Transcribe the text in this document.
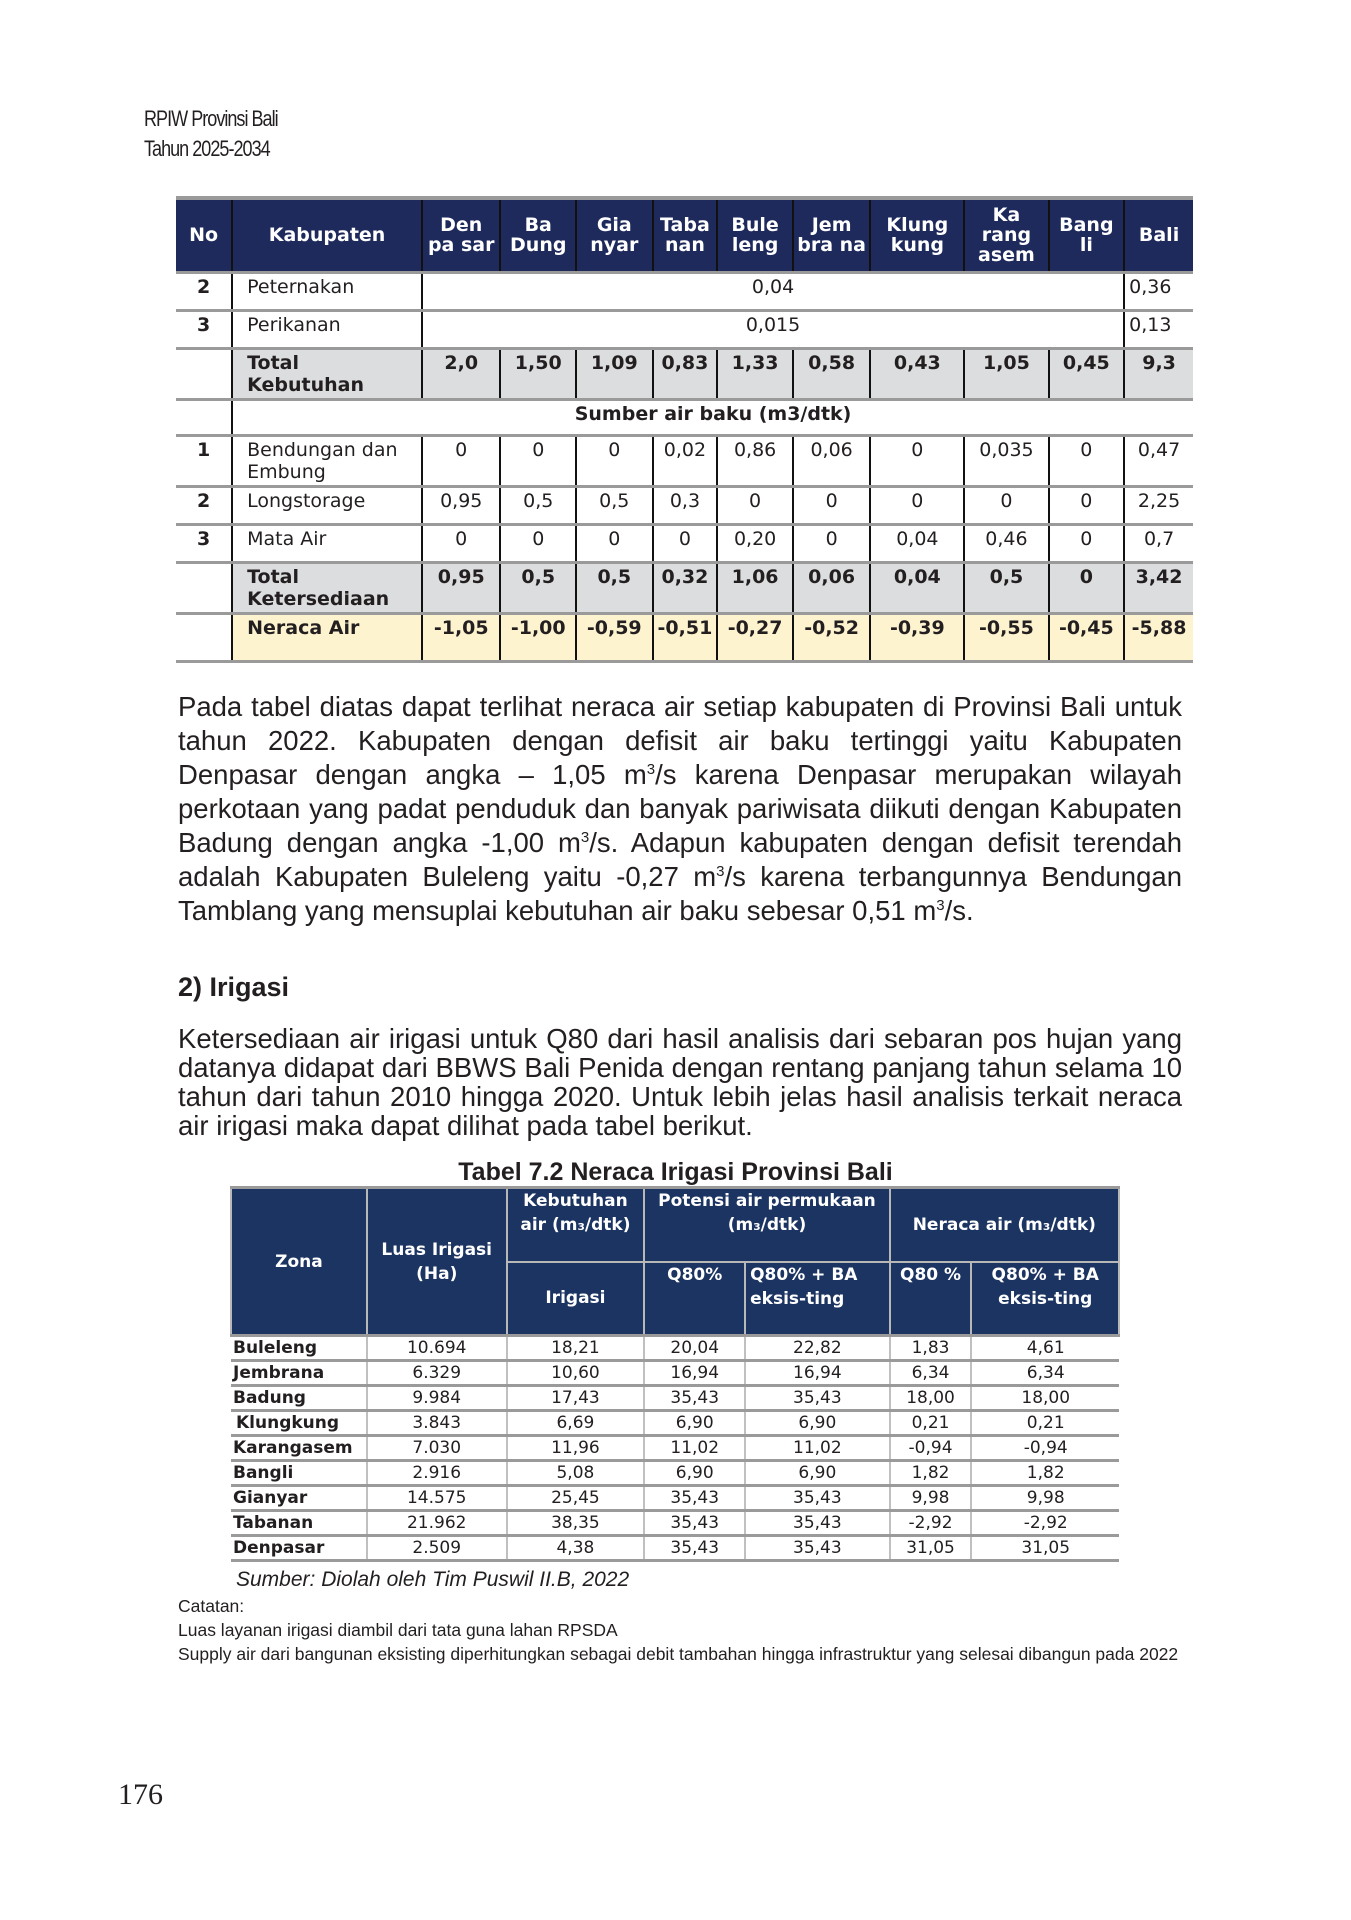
RPIW Provinsi Bali
Tahun 2025-2034
No	Kabupaten	Den pa sar	Ba Dung	Gia nyar	Taba nan	Bule leng	Jem bra na	Klung kung	Ka rang asem	Bang li	Bali
2	Peternakan	0,04									0,36
3	Perikanan	0,015									0,13
	Total Kebutuhan	2,0	1,50	1,09	0,83	1,33	0,58	0,43	1,05	0,45	9,3
	Sumber air baku (m3/dtk)										
1	Bendungan dan Embung	0	0	0	0,02	0,86	0,06	0	0,035	0	0,47
2	Longstorage	0,95	0,5	0,5	0,3	0	0	0	0	0	2,25
3	Mata Air	0	0	0	0	0,20	0	0,04	0,46	0	0,7
	Total Ketersediaan	0,95	0,5	0,5	0,32	1,06	0,06	0,04	0,5	0	3,42
	Neraca Air	-1,05	-1,00	-0,59	-0,51	-0,27	-0,52	-0,39	-0,55	-0,45	-5,88
Pada tabel diatas dapat terlihat neraca air setiap kabupaten di Provinsi Bali untuk tahun 2022. Kabupaten dengan defisit air baku tertinggi yaitu Kabupaten Denpasar dengan angka – 1,05 $m^3/s$ karena Denpasar merupakan wilayah perkotaan yang padat penduduk dan banyak pariwisata diikuti dengan Kabupaten Badung dengan angka -1,00 $m^3/s$. Adapun kabupaten dengan defisit terendah adalah Kabupaten Buleleng yaitu -0,27 $m^3/s$ karena terbangunnya Bendungan Tamblang yang mensuplai kebutuhan air baku sebesar 0,51 $m^3/s$.
2) Irigasi
Ketersediaan air irigasi untuk Q80 dari hasil analisis dari sebaran pos hujan yang datanya didapat dari BBWS Bali Penida dengan rentang panjang tahun selama 10 tahun dari tahun 2010 hingga 2020. Untuk lebih jelas hasil analisis terkait neraca air irigasi maka dapat dilihat pada tabel berikut.
Tabel 7.2 Neraca Irigasi Provinsi Bali
Zona	Luas Irigasi (Ha)	Kebutuhan air (m₃/dtk)	Potensi air permukaan (m₃/dtk)		Neraca air (m₃/dtk)	
		Irigasi	Q80%	Q80% + BA eksis-ting	Q80 %	Q80% + BA eksis-ting
Buleleng	10.694	18,21	20,04	22,82	1,83	4,61
Jembrana	6.329	10,60	16,94	16,94	6,34	6,34
Badung	9.984	17,43	35,43	35,43	18,00	18,00
Klungkung	3.843	6,69	6,90	6,90	0,21	0,21
Karangasem	7.030	11,96	11,02	11,02	-0,94	-0,94
Bangli	2.916	5,08	6,90	6,90	1,82	1,82
Gianyar	14.575	25,45	35,43	35,43	9,98	9,98
Tabanan	21.962	38,35	35,43	35,43	-2,92	-2,92
Denpasar	2.509	4,38	35,43	35,43	31,05	31,05
Sumber: Diolah oleh Tim Puswil II.B, 2022
Catatan:
Luas layanan irigasi diambil dari tata guna lahan RPSDA
Supply air dari bangunan eksisting diperhitungkan sebagai debit tambahan hingga infrastruktur yang selesai dibangun pada 2022
176
